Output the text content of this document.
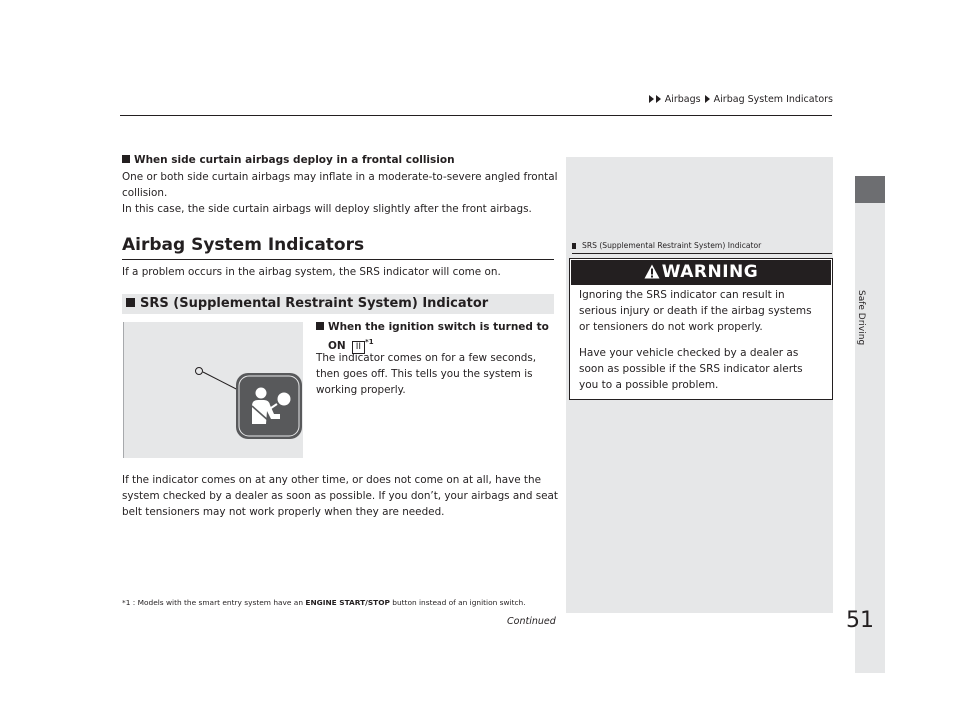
Airbags Airbag System Indicators
Safe Driving
51
When side curtain airbags deploy in a frontal collision
One or both side curtain airbags may inflate in a moderate-to-severe angled frontal
collision.
In this case, the side curtain airbags will deploy slightly after the front airbags.
Airbag System Indicators
If a problem occurs in the airbag system, the SRS indicator will come on.
SRS (Supplemental Restraint System) Indicator
When the ignition switch is turned to
ON II $^{*1}$
The indicator comes on for a few seconds,
then goes off. This tells you the system is
working properly.
If the indicator comes on at any other time, or does not come on at all, have the
system checked by a dealer as soon as possible. If you don’t, your airbags and seat
belt tensioners may not work properly when they are needed.
*1 : Models with the smart entry system have an ENGINE START/STOP button instead of an ignition switch.
Continued
SRS (Supplemental Restraint System) Indicator
WARNING
Ignoring the SRS indicator can result in
serious injury or death if the airbag systems
or tensioners do not work properly.
Have your vehicle checked by a dealer as
soon as possible if the SRS indicator alerts
you to a possible problem.
